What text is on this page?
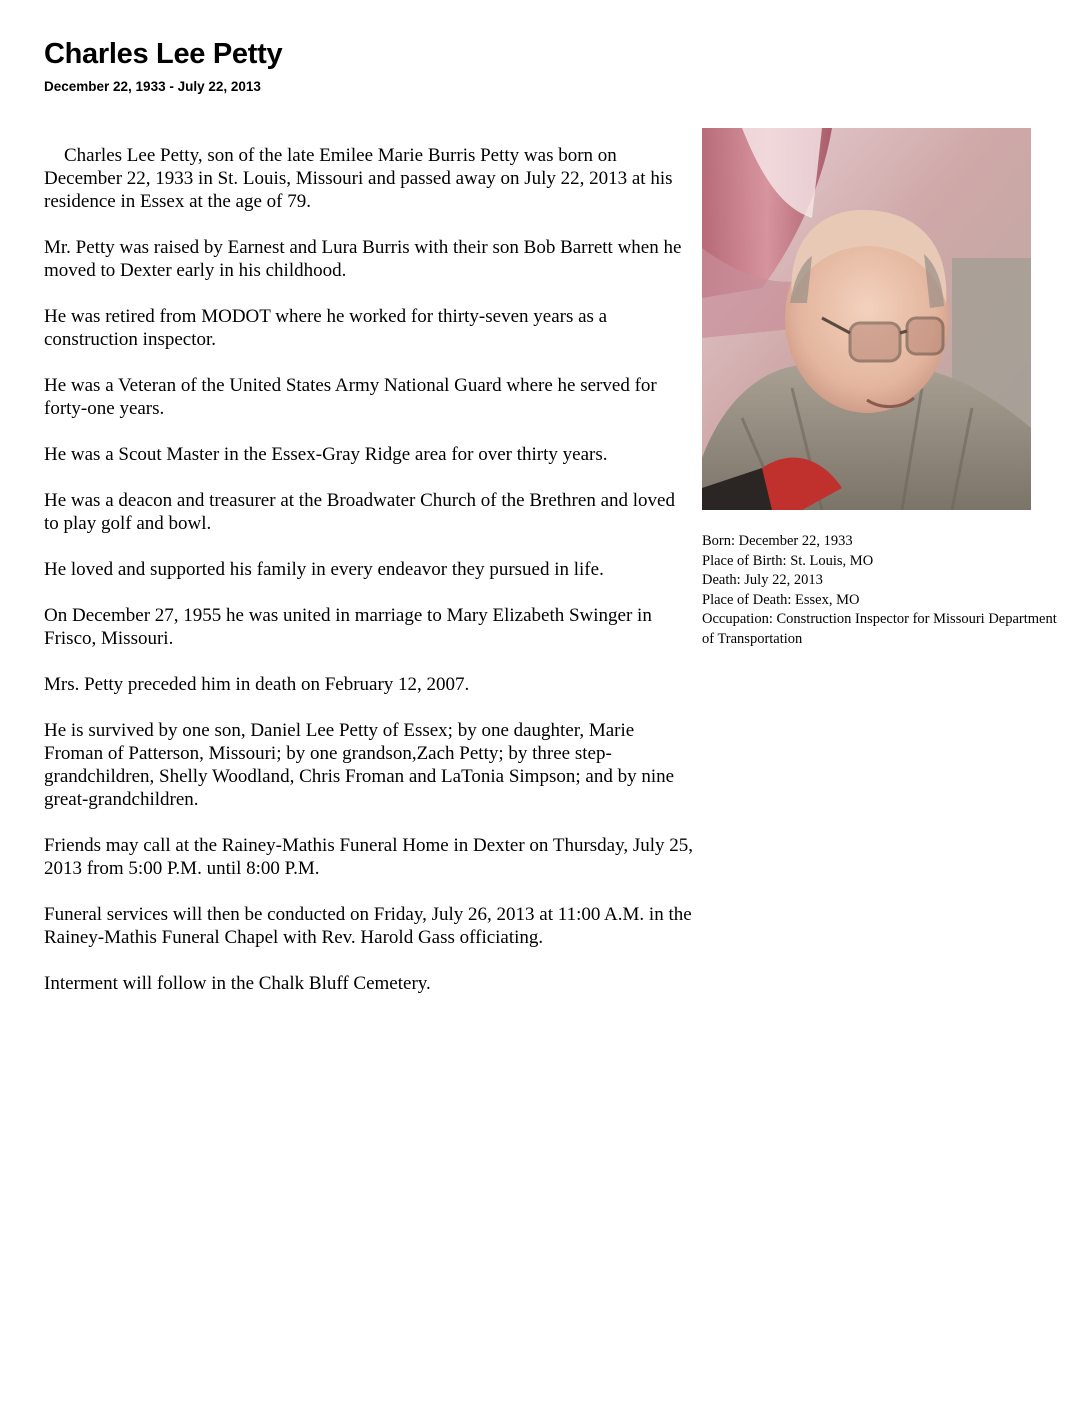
Charles Lee Petty
December 22, 1933 - July 22, 2013

Charles Lee Petty, son of the late Emilee Marie Burris Petty was born on December 22, 1933 in St. Louis, Missouri and passed away on July 22, 2013 at his residence in Essex at the age of 79.

Mr. Petty was raised by Earnest and Lura Burris with their son Bob Barrett when he moved to Dexter early in his childhood.

He was retired from MODOT where he worked for thirty-seven years as a construction inspector.

He was a Veteran of the United States Army National Guard where he served for forty-one years.

He was a Scout Master in the Essex-Gray Ridge area for over thirty years.

He was a deacon and treasurer at the Broadwater Church of the Brethren and loved to play golf and bowl.

He loved and supported his family in every endeavor they pursued in life.

On December 27, 1955 he was united in marriage to Mary Elizabeth Swinger in Frisco, Missouri.

Mrs. Petty preceded him in death on February 12, 2007.

He is survived by one son, Daniel Lee Petty of Essex; by one daughter, Marie Froman of Patterson, Missouri; by one grandson,Zach Petty; by three step-grandchildren, Shelly Woodland, Chris Froman and LaTonia Simpson; and by nine great-grandchildren.

Friends may call at the Rainey-Mathis Funeral Home in Dexter on Thursday, July 25, 2013 from 5:00 P.M. until 8:00 P.M.

Funeral services will then be conducted on Friday, July 26, 2013 at 11:00 A.M. in the Rainey-Mathis Funeral Chapel with Rev. Harold Gass officiating.

Interment will follow in the Chalk Bluff Cemetery.

Born: December 22, 1933
Place of Birth: St. Louis, MO
Death: July 22, 2013
Place of Death: Essex, MO
Occupation: Construction Inspector for Missouri Department of Transportation
